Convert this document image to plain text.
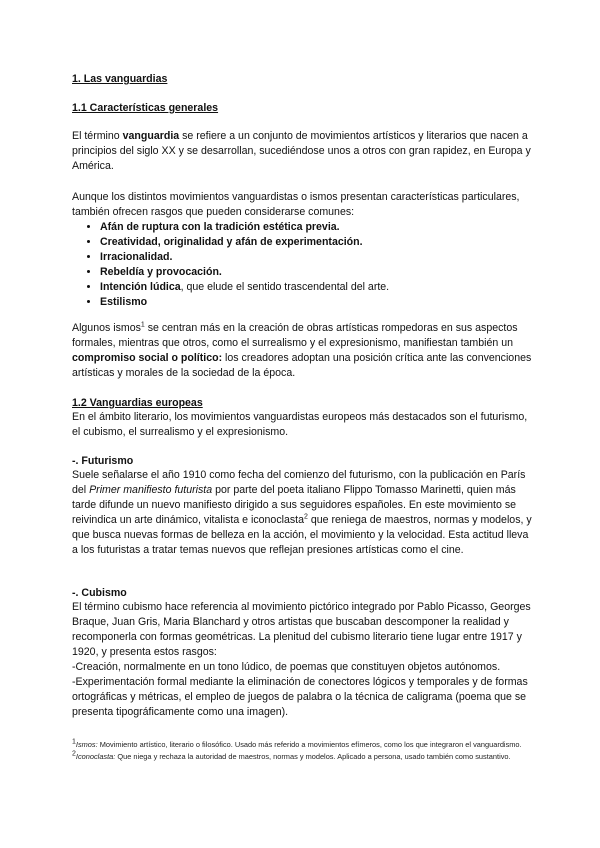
1. Las vanguardias
1.1 Características generales
El término vanguardia se refiere a un conjunto de movimientos artísticos y literarios que nacen a principios del siglo XX y se desarrollan, sucediéndose unos a otros con gran rapidez, en Europa y América.
Aunque los distintos movimientos vanguardistas o ismos presentan características particulares, también ofrecen rasgos que pueden considerarse comunes:
• Afán de ruptura con la tradición estética previa.
• Creatividad, originalidad y afán de experimentación.
• Irracionalidad.
• Rebeldía y provocación.
• Intención lúdica, que elude el sentido trascendental del arte.
• Estilismo
Algunos ismos$^1$ se centran más en la creación de obras artísticas rompedoras en sus aspectos formales, mientras que otros, como el surrealismo y el expresionismo, manifiestan también un compromiso social o político: los creadores adoptan una posición crítica ante las convenciones artísticas y morales de la sociedad de la época.
1.2 Vanguardias europeas
En el ámbito literario, los movimientos vanguardistas europeos más destacados son el futurismo, el cubismo, el surrealismo y el expresionismo.
-. Futurismo
Suele señalarse el año 1910 como fecha del comienzo del futurismo, con la publicación en París del Primer manifiesto futurista por parte del poeta italiano Flippo Tomasso Marinetti, quien más tarde difunde un nuevo manifiesto dirigido a sus seguidores españoles. En este movimiento se reivindica un arte dinámico, vitalista e iconoclasta$^2$ que reniega de maestros, normas y modelos, y que busca nuevas formas de belleza en la acción, el movimiento y la velocidad. Esta actitud lleva a los futuristas a tratar temas nuevos que reflejan presiones artísticas como el cine.
-. Cubismo
El término cubismo hace referencia al movimiento pictórico integrado por Pablo Picasso, Georges Braque, Juan Gris, Maria Blanchard y otros artistas que buscaban descomponer la realidad y recomponerla con formas geométricas. La plenitud del cubismo literario tiene lugar entre 1917 y 1920, y presenta estos rasgos:
-Creación, normalmente en un tono lúdico, de poemas que constituyen objetos autónomos.
-Experimentación formal mediante la eliminación de conectores lógicos y temporales y de formas ortográficas y métricas, el empleo de juegos de palabra o la técnica de caligrama (poema que se presenta tipográficamente como una imagen).
$^1$Ismos: Movimiento artístico, literario o filosófico. Usado más referido a movimientos efímeros, como los que integraron el vanguardismo. $^2$Iconoclasta: Que niega y rechaza la autoridad de maestros, normas y modelos. Aplicado a persona, usado también como sustantivo.
